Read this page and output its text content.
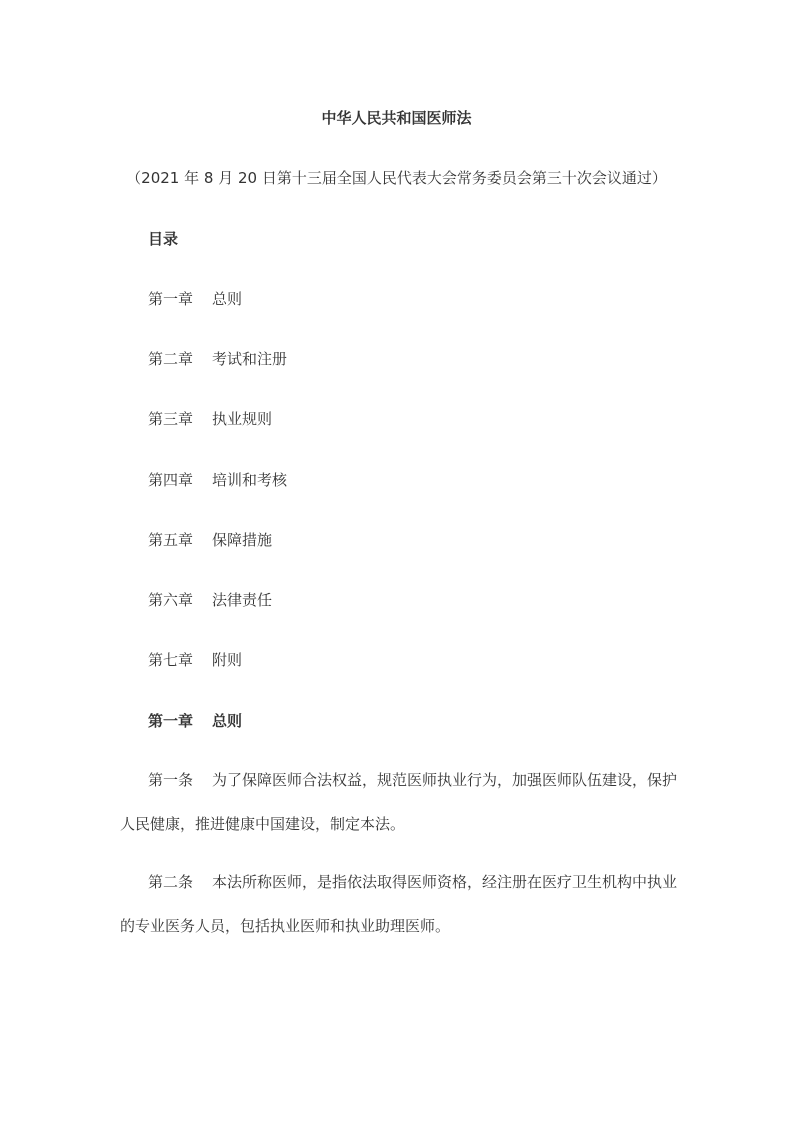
中华人民共和国医师法
（2021 年 8 月 20 日第十三届全国人民代表大会常务委员会第三十次会议通过）
目录
第一章 总则
第二章 考试和注册
第三章 执业规则
第四章 培训和考核
第五章 保障措施
第六章 法律责任
第七章 附则
第一章 总则
第一条 为了保障医师合法权益，规范医师执业行为，加强医师队伍建设，保护人民健康，推进健康中国建设，制定本法。
第二条 本法所称医师，是指依法取得医师资格，经注册在医疗卫生机构中执业的专业医务人员，包括执业医师和执业助理医师。
